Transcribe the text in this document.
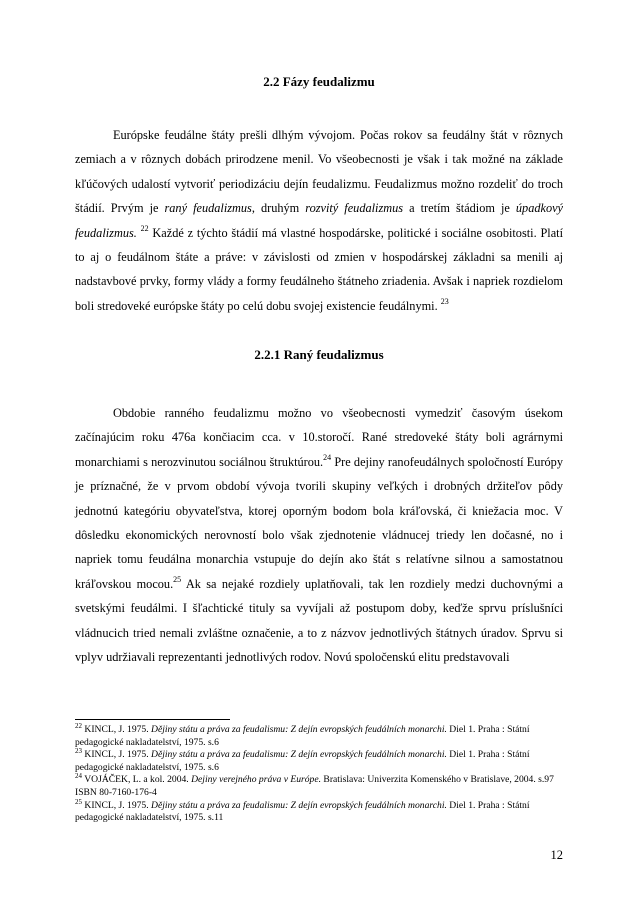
2.2 Fázy feudalizmu

Európske feudálne štáty prešli dlhým vývojom. Počas rokov sa feudálny štát v rôznych zemiach a v rôznych dobách prirodzene menil. Vo všeobecnosti je však i tak možné na základe kľúčových udalostí vytvoriť periodizáciu dejín feudalizmu. Feudalizmus možno rozdeliť do troch štádií. Prvým je raný feudalizmus, druhým rozvitý feudalizmus a tretím štádiom je úpadkový feudalizmus. $^{22}$ Každé z týchto štádií má vlastné hospodárske, politické i sociálne osobitosti. Platí to aj o feudálnom štáte a práve: v závislosti od zmien v hospodárskej základni sa menili aj nadstavbové prvky, formy vlády a formy feudálneho štátneho zriadenia. Avšak i napriek rozdielom boli stredoveké európske štáty po celú dobu svojej existencie feudálnymi. $^{23}$

2.2.1 Raný feudalizmus

Obdobie ranného feudalizmu možno vo všeobecnosti vymedziť časovým úsekom začínajúcim roku 476a končiacim cca. v 10.storočí. Rané stredoveké štáty boli agrárnymi monarchiami s nerozvinutou sociálnou štruktúrou.$^{24}$ Pre dejiny ranofeudálnych spoločností Európy je príznačné, že v prvom období vývoja tvorili skupiny veľkých i drobných držiteľov pôdy jednotnú kategóriu obyvateľstva, ktorej oporným bodom bola kráľovská, či kniežacia moc. V dôsledku ekonomických nerovností bolo však zjednotenie vládnucej triedy len dočasné, no i napriek tomu feudálna monarchia vstupuje do dejín ako štát s relatívne silnou a samostatnou kráľovskou mocou.$^{25}$ Ak sa nejaké rozdiely uplatňovali, tak len rozdiely medzi duchovnými a svetskými feudálmi. I šľachtické tituly sa vyvíjali až postupom doby, keďže sprvu príslušníci vládnucich tried nemali zvláštne označenie, a to z názvov jednotlivých štátnych úradov. Sprvu si vplyv udržiavali reprezentanti jednotlivých rodov. Novú spoločenskú elitu predstavovali

$^{22}$ KINCL, J. 1975. Dějiny státu a práva za feudalismu: Z dejín evropských feudálních monarchi. Diel 1. Praha : Státní pedagogické nakladatelství, 1975. s.6

$^{23}$ KINCL, J. 1975. Dějiny státu a práva za feudalismu: Z dejín evropských feudálních monarchi. Diel 1. Praha : Státní pedagogické nakladatelství, 1975. s.6

$^{24}$ VOJÁČEK, L. a kol. 2004. Dejiny verejného práva v Európe. Bratislava: Univerzita Komenského v Bratislave, 2004. s.97 ISBN 80-7160-176-4

$^{25}$ KINCL, J. 1975. Dějiny státu a práva za feudalismu: Z dejín evropských feudálních monarchi. Diel 1. Praha : Státní pedagogické nakladatelství, 1975. s.11

12
